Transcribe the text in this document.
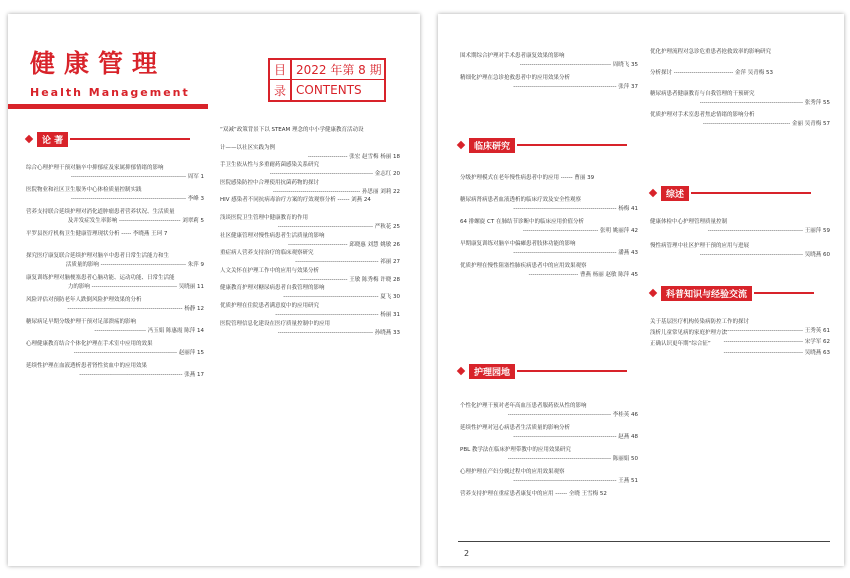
健康管理
Health Management
目 2022 年第 8 期
录 CONTENTS
论 著
综合心理护理干预对脑卒中抑郁症及家属抑郁情绪的影响
---------------------------------------------------------- 周军 1
医院物业和社区卫生服务中心体检质量控制实践
---------------------------------------------------------- 李峰 3
营养支持联合延续护理对消化道肿瘤患者营养状况、生活质量
及并发症发生率影响 ------------------------------- 刘翠莉 5
平罗县医疗机构卫生健康管理现状分析 ----- 李晓燕 王珂 7
探究医疗康复联合延续护理对脑卒中患者日常生活能力和生
活质量的影响 ------------------------------------------- 朱萍 9
康复训练护理对脑梗塞患者心脑功能、运动功能、日常生活能
力的影响 ------------------------------------------- 吴晓丽 11
风险评估对预防老年人跌倒风险护理效果的分析
---------------------------------------------------------- 杨静 12
糖尿病足早期分级护理干预对足部溃疡的影响
-------------------------- 冯玉娟 陈惠霞 陈萍 14
心理健康教育结合个体化护理在手术室中应用的效果
---------------------------------------------------- 赵丽萍 15
延续性护理在血液透析患者肾性贫血中的应用效果
---------------------------------------------------- 张燕 17
“双减”政策背景下以 STEAM 理念的中小学健康教育活动设
计——以社区实践为例
-------------------- 张宏 赵雪梅 杨丽 18
手卫生依从性与多重耐药菌感染关系研究
---------------------------------------------------- 金志红 20
医院感染防控中合理使用抗菌药物的探讨
-------------------------------------------- 孙思丽 刘莉 22
HIV 感染者不同抗病毒治疗方案的疗效观察分析 ------ 刘燕 24
浅谈医院卫生管理中健康教育的作用
------------------------------------------------ 严秋花 25
社区健康管理对慢性病患者生活质量的影响
------------------------------ 邱晓惠 刘慧 姚敏 26
重症病人营养支持治疗的临床观察研究
------------------------------------------ 祁丽 27
人文关怀在护理工作中的应用与效果分析
------------------------ 王敏 陈秀梅 许晓 28
健康教育护理对糖尿病患者自我管理的影响
------------------------------------------------ 夏飞 30
优质护理在住院患者满意度中的应用研究
---------------------------------------------------- 杨丽 31
医院管理信息化建设在医疗质量控制中的应用
------------------------------------------------ 孙晓燕 33
围术期综合护理对手术患者康复效果的影响
---------------------------------------------- 周晓飞 35
精细化护理在急诊抢救患者中的应用效果分析
---------------------------------------------------- 张萍 37
临床研究
分级护理模式在老年慢性病患者中的应用 ------ 曹丽 39
糖尿病肾病患者血液透析的临床疗效及安全性观察
---------------------------------------------------- 杨梅 41
64 排螺旋 CT 在肺结节诊断中的临床应用价值分析
-------------------------------------- 张明 姚丽萍 42
早期康复训练对脑卒中偏瘫患者肢体功能的影响
---------------------------------------------------- 潘燕 43
优质护理在慢性阻塞性肺疾病患者中的应用效果观察
------------------------- 曹燕 杨丽 赵敏 陈萍 45
护理园地
个性化护理干预对老年高血压患者服药依从性的影响
---------------------------------------------------- 李桂英 46
延续性护理对冠心病患者生活质量的影响分析
---------------------------------------------------- 赵燕 48
PBL 教学法在临床护理带教中的应用效果研究
---------------------------------------------------- 陈丽娟 50
心理护理在产妇分娩过程中的应用效果观察
---------------------------------------------------- 王燕 51
营养支持护理在重症患者康复中的应用 ------ 全晓 王雪梅 52
优化护理流程对急诊危重患者抢救效率的影响研究
分析探讨 ------------------------------ 金萍 吴青梅 53
糖尿病患者健康教育与自我管理的干预研究
---------------------------------------------------- 张秀萍 55
优质护理对手术室患者焦虑情绪的影响分析
-------------------------------------------- 金丽 吴青梅 57
综述
健康体检中心护理管理质量控制
------------------------------------------------ 王丽萍 59
慢性病管理中社区护理干预的应用与进展
---------------------------------------------------- 吴晓燕 60
科普知识与经验交流
关于基层医疗机构传染病防控工作的探讨
---------------------------------------- 王秀英 61
浅析儿童常见病的家庭护理方法
---------------------------------------- 宋学军 62
正确认识更年期“综合征”
---------------------------------------- 吴晓燕 63
2
